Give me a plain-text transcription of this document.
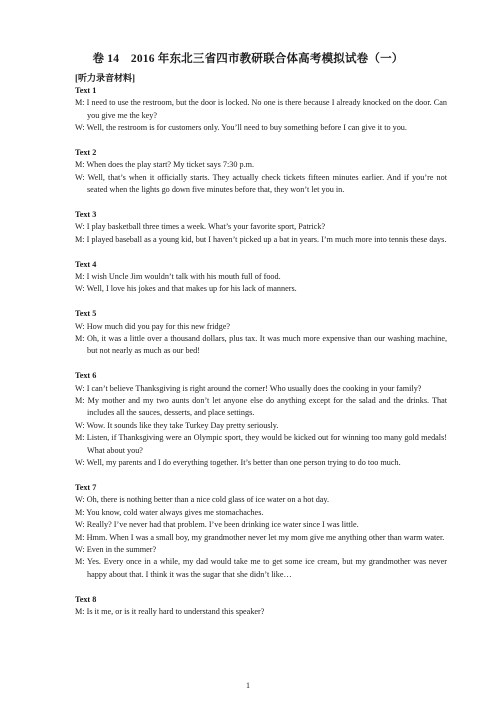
卷 14　2016 年东北三省四市教研联合体高考模拟试卷（一）
[听力录音材料]
Text 1
M: I need to use the restroom, but the door is locked. No one is there because I already knocked on the door. Can you give me the key?
W: Well, the restroom is for customers only. You’ll need to buy something before I can give it to you.
Text 2
M: When does the play start? My ticket says 7:30 p.m.
W: Well, that’s when it officially starts. They actually check tickets fifteen minutes earlier. And if you’re not seated when the lights go down five minutes before that, they won’t let you in.
Text 3
W: I play basketball three times a week. What’s your favorite sport, Patrick?
M: I played baseball as a young kid, but I haven’t picked up a bat in years. I’m much more into tennis these days.
Text 4
M: I wish Uncle Jim wouldn’t talk with his mouth full of food.
W: Well, I love his jokes and that makes up for his lack of manners.
Text 5
W: How much did you pay for this new fridge?
M: Oh, it was a little over a thousand dollars, plus tax. It was much more expensive than our washing machine, but not nearly as much as our bed!
Text 6
W: I can’t believe Thanksgiving is right around the corner! Who usually does the cooking in your family?
M: My mother and my two aunts don’t let anyone else do anything except for the salad and the drinks. That includes all the sauces, desserts, and place settings.
W: Wow. It sounds like they take Turkey Day pretty seriously.
M: Listen, if Thanksgiving were an Olympic sport, they would be kicked out for winning too many gold medals! What about you?
W: Well, my parents and I do everything together. It’s better than one person trying to do too much.
Text 7
W: Oh, there is nothing better than a nice cold glass of ice water on a hot day.
M: You know, cold water always gives me stomachaches.
W: Really? I’ve never had that problem. I’ve been drinking ice water since I was little.
M: Hmm. When I was a small boy, my grandmother never let my mom give me anything other than warm water.
W: Even in the summer?
M: Yes. Every once in a while, my dad would take me to get some ice cream, but my grandmother was never happy about that. I think it was the sugar that she didn’t like…
Text 8
M: Is it me, or is it really hard to understand this speaker?
1
